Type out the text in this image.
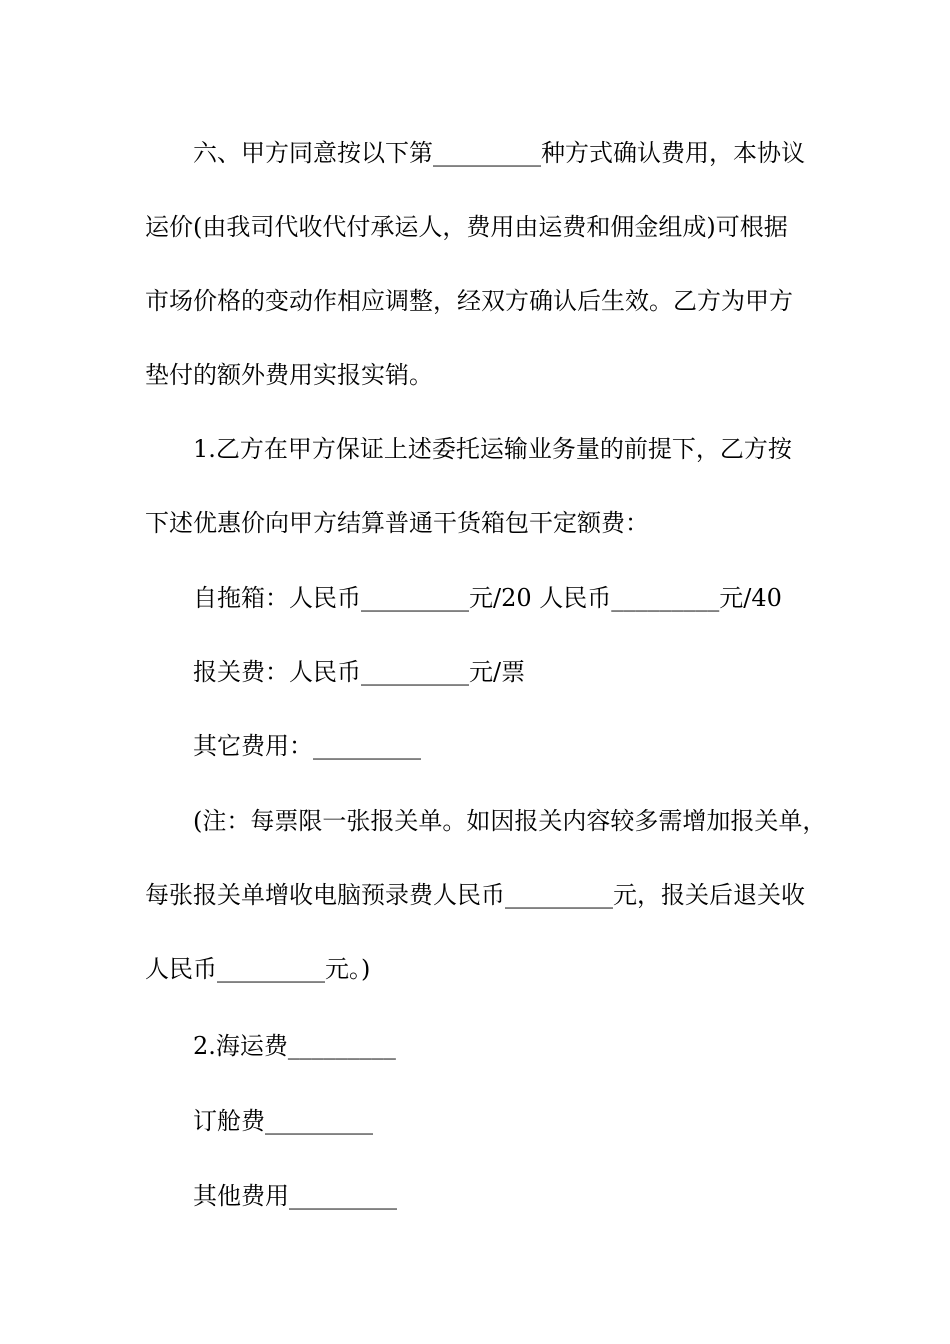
六、甲方同意按以下第_________种方式确认费用，本协议
运价(由我司代收代付承运人，费用由运费和佣金组成)可根据
市场价格的变动作相应调整，经双方确认后生效。乙方为甲方
垫付的额外费用实报实销。
1.乙方在甲方保证上述委托运输业务量的前提下，乙方按
下述优惠价向甲方结算普通干货箱包干定额费：
自拖箱：人民币_________元/20 人民币_________元/40
报关费：人民币_________元/票
其它费用：_________
(注：每票限一张报关单。如因报关内容较多需增加报关单，
每张报关单增收电脑预录费人民币_________元，报关后退关收
人民币_________元。)
2.海运费_________
订舱费_________
其他费用_________
